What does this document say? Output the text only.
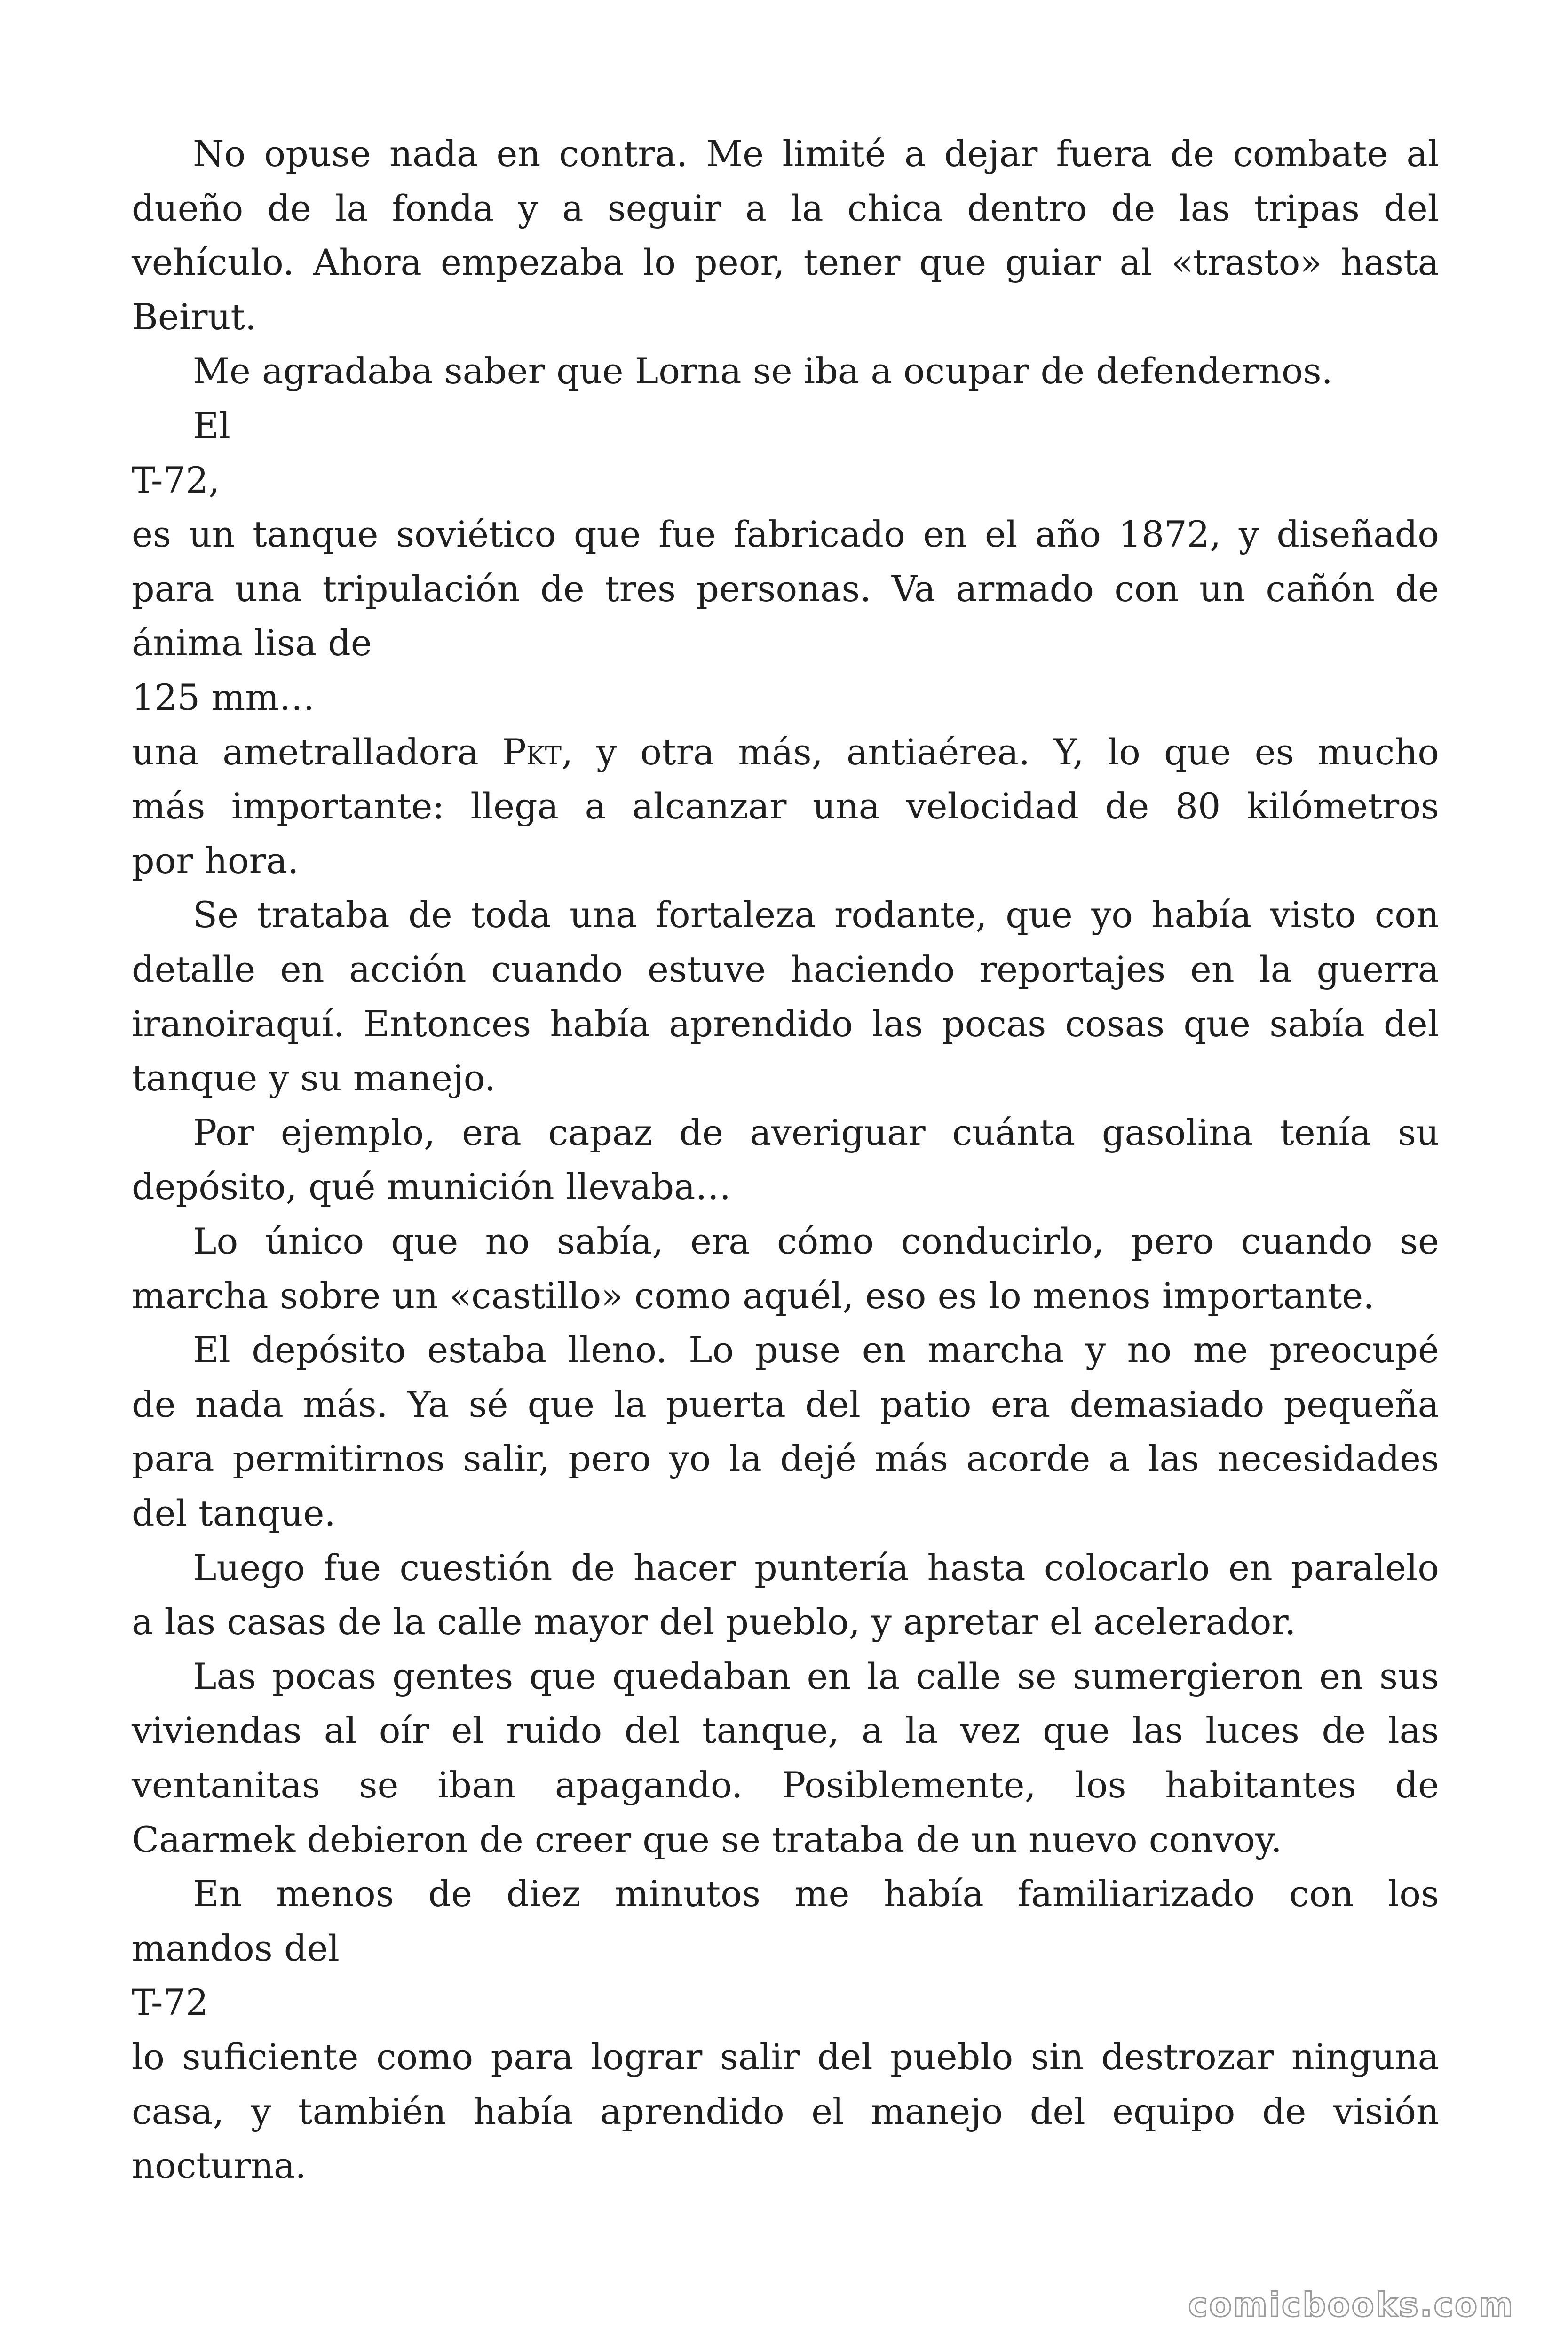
No opuse nada en contra. Me limité a dejar fuera de combate al
dueño de la fonda y a seguir a la chica dentro de las tripas del
vehículo. Ahora empezaba lo peor, tener que guiar al «trasto» hasta
Beirut.
Me agradaba saber que Lorna se iba a ocupar de defendernos.
El
T-72,
es un tanque soviético que fue fabricado en el año 1872, y diseñado
para una tripulación de tres personas. Va armado con un cañón de
ánima lisa de
125 mm…
una ametralladora Pkt, y otra más, antiaérea. Y, lo que es mucho
más importante: llega a alcanzar una velocidad de 80 kilómetros
por hora.
Se trataba de toda una fortaleza rodante, que yo había visto con
detalle en acción cuando estuve haciendo reportajes en la guerra
iranoiraquí. Entonces había aprendido las pocas cosas que sabía del
tanque y su manejo.
Por ejemplo, era capaz de averiguar cuánta gasolina tenía su
depósito, qué munición llevaba…
Lo único que no sabía, era cómo conducirlo, pero cuando se
marcha sobre un «castillo» como aquél, eso es lo menos importante.
El depósito estaba lleno. Lo puse en marcha y no me preocupé
de nada más. Ya sé que la puerta del patio era demasiado pequeña
para permitirnos salir, pero yo la dejé más acorde a las necesidades
del tanque.
Luego fue cuestión de hacer puntería hasta colocarlo en paralelo
a las casas de la calle mayor del pueblo, y apretar el acelerador.
Las pocas gentes que quedaban en la calle se sumergieron en sus
viviendas al oír el ruido del tanque, a la vez que las luces de las
ventanitas se iban apagando. Posiblemente, los habitantes de
Caarmek debieron de creer que se trataba de un nuevo convoy.
En menos de diez minutos me había familiarizado con los
mandos del
T-72
lo suficiente como para lograr salir del pueblo sin destrozar ninguna
casa, y también había aprendido el manejo del equipo de visión
nocturna.
comicbooks.com
